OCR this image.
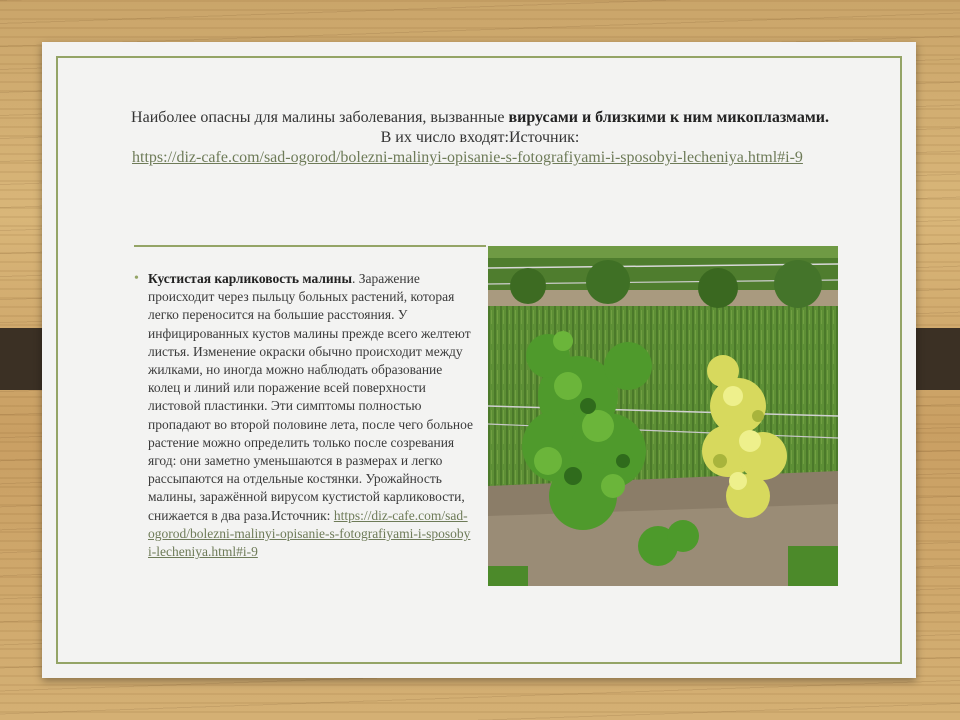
Наиболее опасны для малины заболевания, вызванные вирусами и близкими к ним микоплазмами. В их число входят:Источник:
https://diz-cafe.com/sad-ogorod/bolezni-malinyi-opisanie-s-fotografiyami-i-sposobyi-lecheniya.html#i-9

• Кустистая карликовость малины. Заражение происходит через пыльцу больных растений, которая легко переносится на большие расстояния. У инфицированных кустов малины прежде всего желтеют листья. Изменение окраски обычно происходит между жилками, но иногда можно наблюдать образование колец и линий или поражение всей поверхности листовой пластинки. Эти симптомы полностью пропадают во второй половине лета, после чего больное растение можно определить только после созревания ягод: они заметно уменьшаются в размерах и легко рассыпаются на отдельные костянки. Урожайность малины, заражённой вирусом кустистой карликовости, снижается в два раза.Источник: https://diz-cafe.com/sad-ogorod/bolezni-malinyi-opisanie-s-fotografiyami-i-sposobyi-lecheniya.html#i-9
